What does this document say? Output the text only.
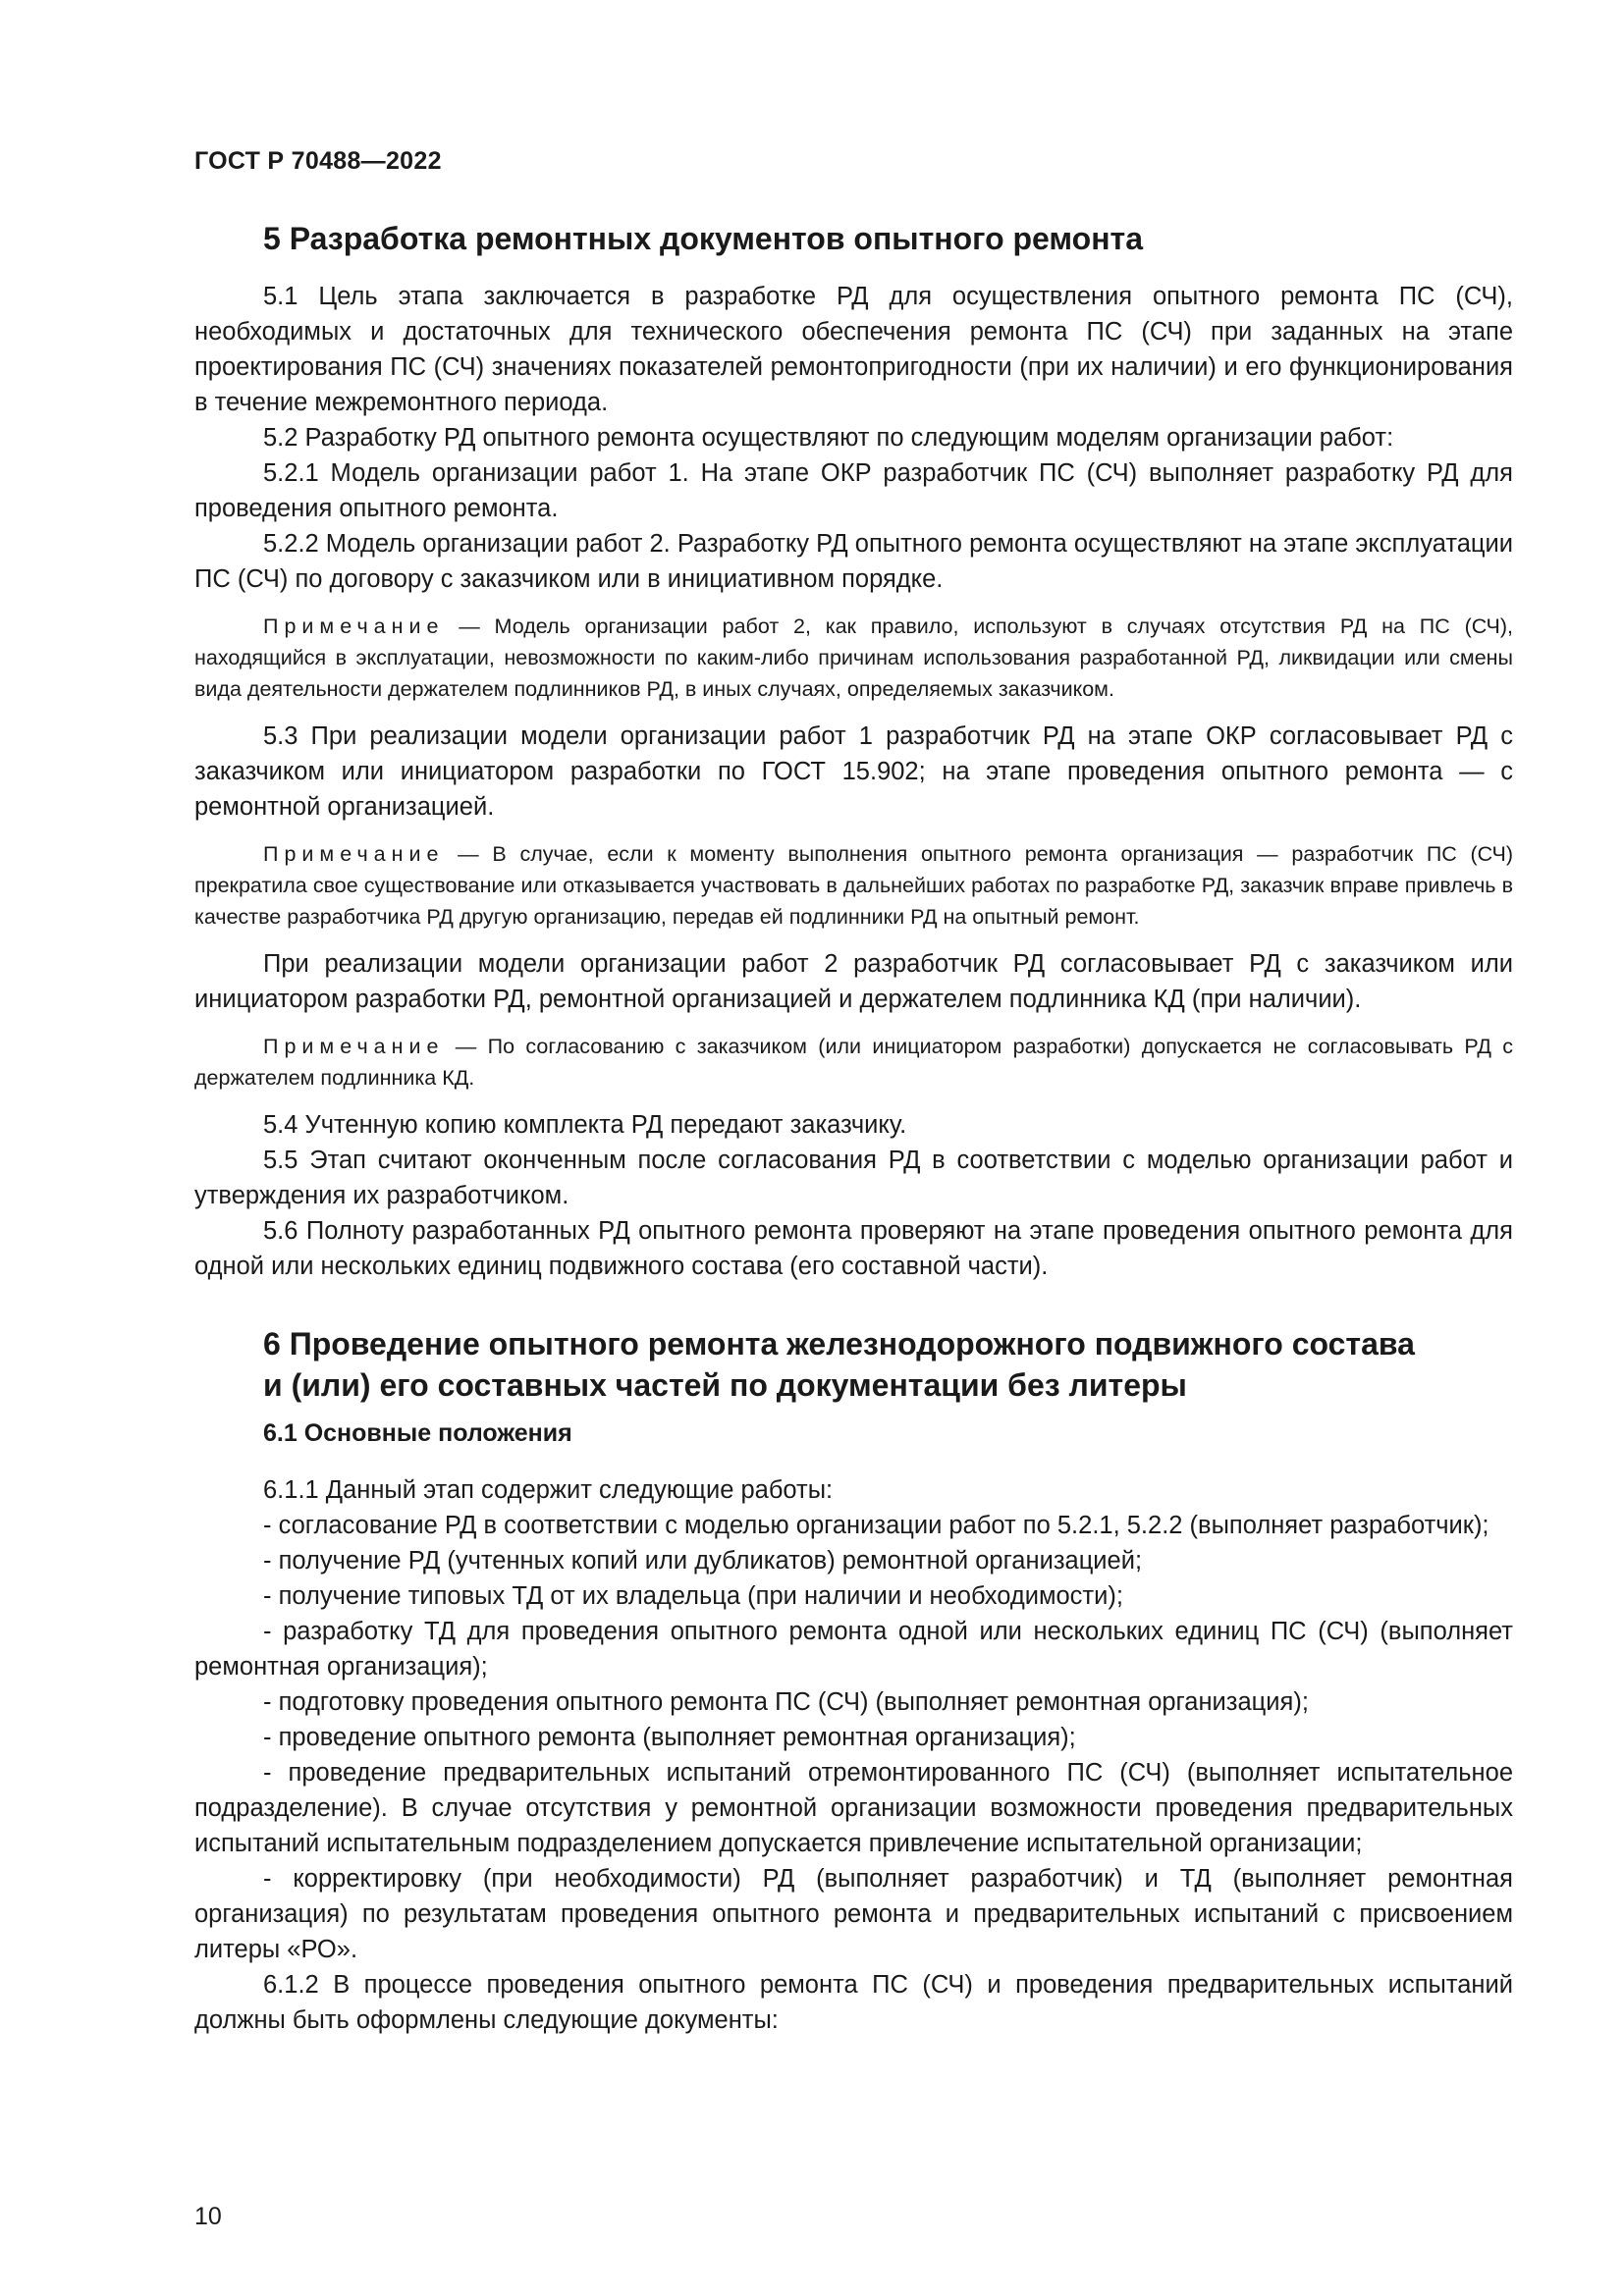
ГОСТ Р 70488—2022
5 Разработка ремонтных документов опытного ремонта

5.1 Цель этапа заключается в разработке РД для осуществления опытного ремонта ПС (СЧ), необходимых и достаточных для технического обеспечения ремонта ПС (СЧ) при заданных на этапе проектирования ПС (СЧ) значениях показателей ремонтопригодности (при их наличии) и его функционирования в течение межремонтного периода.

5.2 Разработку РД опытного ремонта осуществляют по следующим моделям организации работ:

5.2.1 Модель организации работ 1. На этапе ОКР разработчик ПС (СЧ) выполняет разработку РД для проведения опытного ремонта.

5.2.2 Модель организации работ 2. Разработку РД опытного ремонта осуществляют на этапе эксплуатации ПС (СЧ) по договору с заказчиком или в инициативном порядке.

Примечание — Модель организации работ 2, как правило, используют в случаях отсутствия РД на ПС (СЧ), находящийся в эксплуатации, невозможности по каким-либо причинам использования разработанной РД, ликвидации или смены вида деятельности держателем подлинников РД, в иных случаях, определяемых заказчиком.

5.3 При реализации модели организации работ 1 разработчик РД на этапе ОКР согласовывает РД с заказчиком или инициатором разработки по ГОСТ 15.902; на этапе проведения опытного ремонта — с ремонтной организацией.

Примечание — В случае, если к моменту выполнения опытного ремонта организация — разработчик ПС (СЧ) прекратила свое существование или отказывается участвовать в дальнейших работах по разработке РД, заказчик вправе привлечь в качестве разработчика РД другую организацию, передав ей подлинники РД на опытный ремонт.

При реализации модели организации работ 2 разработчик РД согласовывает РД с заказчиком или инициатором разработки РД, ремонтной организацией и держателем подлинника КД (при наличии).

Примечание — По согласованию с заказчиком (или инициатором разработки) допускается не согласовывать РД с держателем подлинника КД.

5.4 Учтенную копию комплекта РД передают заказчику.

5.5 Этап считают оконченным после согласования РД в соответствии с моделью организации работ и утверждения их разработчиком.

5.6 Полноту разработанных РД опытного ремонта проверяют на этапе проведения опытного ремонта для одной или нескольких единиц подвижного состава (его составной части).

6 Проведение опытного ремонта железнодорожного подвижного состава
и (или) его составных частей по документации без литеры
6.1 Основные положения

6.1.1 Данный этап содержит следующие работы:

- согласование РД в соответствии с моделью организации работ по 5.2.1, 5.2.2 (выполняет разработчик);

- получение РД (учтенных копий или дубликатов) ремонтной организацией;

- получение типовых ТД от их владельца (при наличии и необходимости);

- разработку ТД для проведения опытного ремонта одной или нескольких единиц ПС (СЧ) (выполняет ремонтная организация);

- подготовку проведения опытного ремонта ПС (СЧ) (выполняет ремонтная организация);

- проведение опытного ремонта (выполняет ремонтная организация);

- проведение предварительных испытаний отремонтированного ПС (СЧ) (выполняет испытательное подразделение). В случае отсутствия у ремонтной организации возможности проведения предварительных испытаний испытательным подразделением допускается привлечение испытательной организации;

- корректировку (при необходимости) РД (выполняет разработчик) и ТД (выполняет ремонтная организация) по результатам проведения опытного ремонта и предварительных испытаний с присвоением литеры «РО».

6.1.2 В процессе проведения опытного ремонта ПС (СЧ) и проведения предварительных испытаний должны быть оформлены следующие документы:

10
